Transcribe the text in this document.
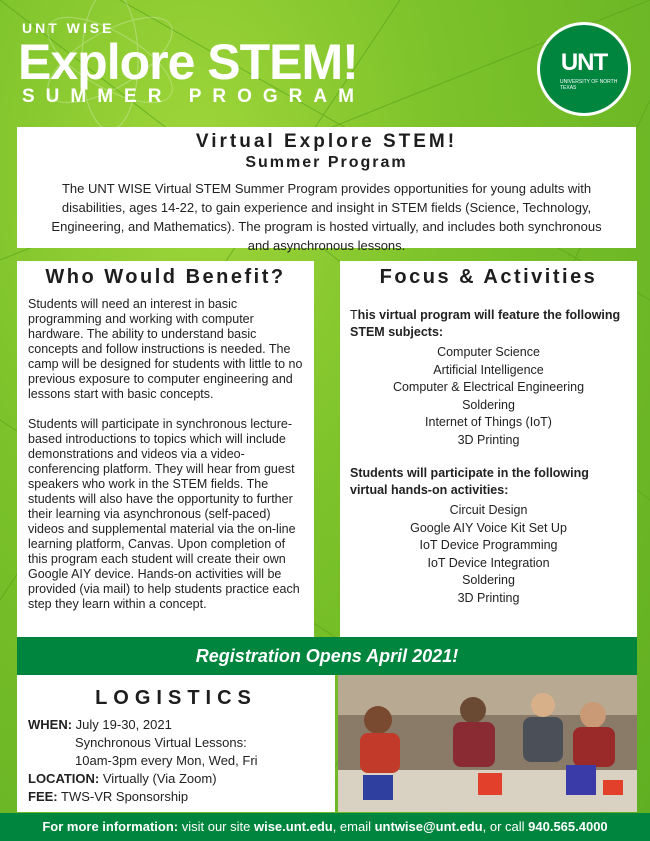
UNT WISE
Explore STEM!
SUMMER PROGRAM
UNT
UNIVERSITY OF NORTH TEXAS
Virtual Explore STEM!
Summer Program
The UNT WISE Virtual STEM Summer Program provides opportunities for young adults with disabilities, ages 14-22, to gain experience and insight in STEM fields (Science, Technology, Engineering, and Mathematics). The program is hosted virtually, and includes both synchronous and asynchronous lessons.
Who Would Benefit?

Students will need an interest in basic programming and working with computer hardware. The ability to understand basic concepts and follow instructions is needed. The camp will be designed for students with little to no previous exposure to computer engineering and lessons start with basic concepts.

Students will participate in synchronous lecture-based introductions to topics which will include demonstrations and videos via a video-conferencing platform. They will hear from guest speakers who work in the STEM fields. The students will also have the opportunity to further their learning via asynchronous (self-paced) videos and supplemental material via the on-line learning platform, Canvas. Upon completion of this program each student will create their own Google AIY device. Hands-on activities will be provided (via mail) to help students practice each step they learn within a concept.

Focus & Activities
This virtual program will feature the following STEM subjects:
Computer Science
Artificial Intelligence
Computer & Electrical Engineering
Soldering
Internet of Things (IoT)
3D Printing
Students will participate in the following virtual hands-on activities:
Circuit Design
Google AIY Voice Kit Set Up
IoT Device Programming
IoT Device Integration
Soldering
3D Printing
Registration Opens April 2021!
LOGISTICS
WHEN: July 19-30, 2021
Synchronous Virtual Lessons:
10am-3pm every Mon, Wed, Fri
LOCATION: Virtually (Via Zoom)
FEE: TWS-VR Sponsorship
For more information: visit our site wise.unt.edu, email untwise@unt.edu, or call 940.565.4000
